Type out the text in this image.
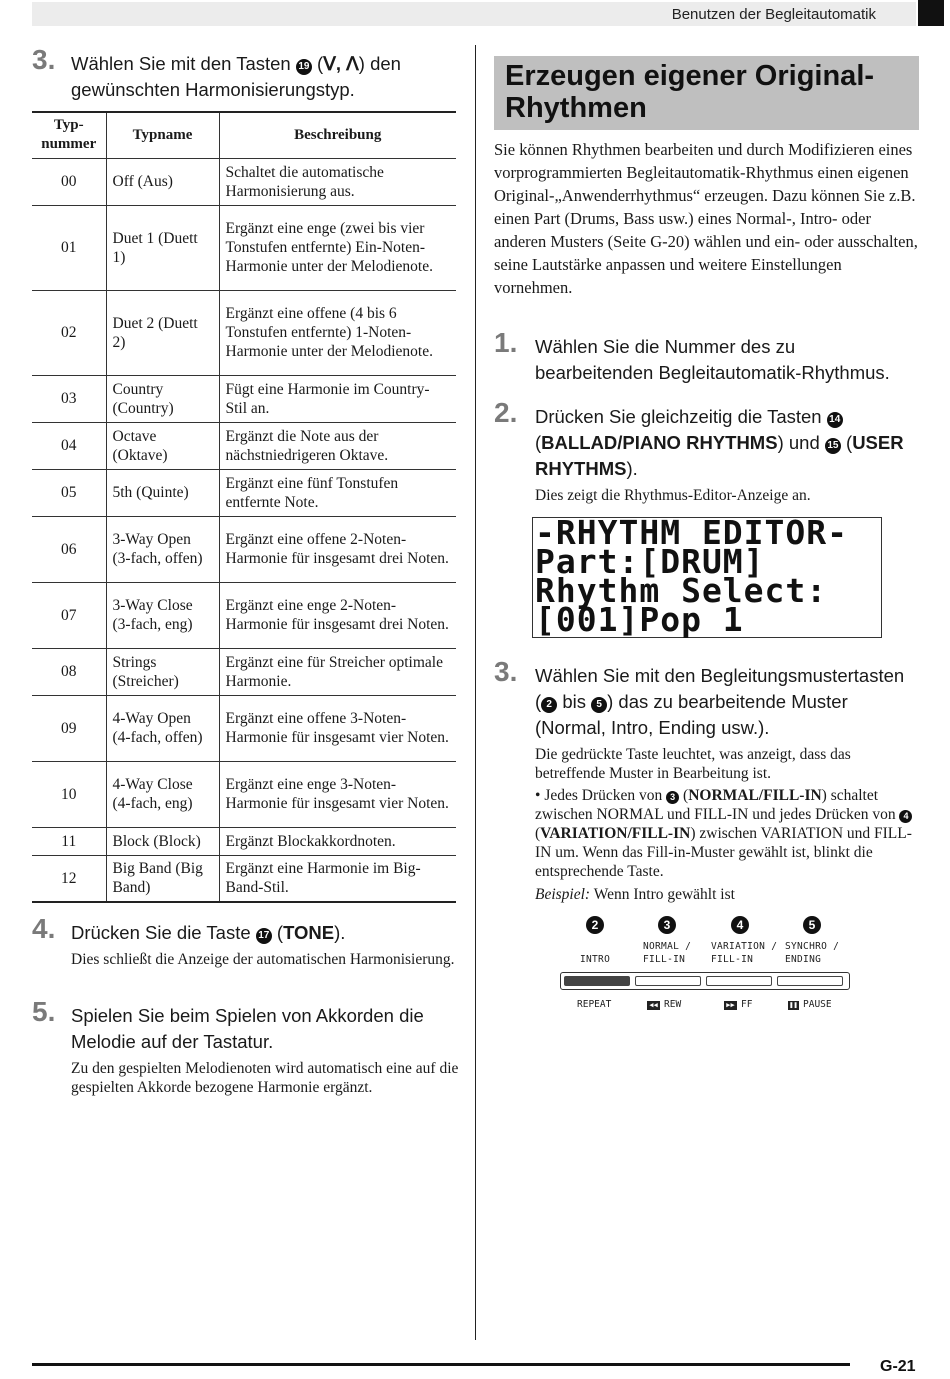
Benutzen der Begleitautomatik
3. Wählen Sie mit den Tasten 19 (ᐯ, ᐱ) den
gewünschten Harmonisierungstyp.
Typ-
nummer	Typname	Beschreibung
00	Off (Aus)	Schaltet die automatische Harmonisierung aus.
01	Duet 1 (Duett 1)	Ergänzt eine enge (zwei bis vier Tonstufen entfernte) Ein-Noten-Harmonie unter der Melodienote.
02	Duet 2 (Duett 2)	Ergänzt eine offene (4 bis 6 Tonstufen entfernte) 1-Noten-Harmonie unter der Melodienote.
03	Country (Country)	Fügt eine Harmonie im Country-Stil an.
04	Octave (Oktave)	Ergänzt die Note aus der nächstniedrigeren Oktave.
05	5th (Quinte)	Ergänzt eine fünf Tonstufen entfernte Note.
06	3-Way Open (3-fach, offen)	Ergänzt eine offene 2-Noten-Harmonie für insgesamt drei Noten.
07	3-Way Close (3-fach, eng)	Ergänzt eine enge 2-Noten-Harmonie für insgesamt drei Noten.
08	Strings (Streicher)	Ergänzt eine für Streicher optimale Harmonie.
09	4-Way Open (4-fach, offen)	Ergänzt eine offene 3-Noten-Harmonie für insgesamt vier Noten.
10	4-Way Close (4-fach, eng)	Ergänzt eine enge 3-Noten-Harmonie für insgesamt vier Noten.
11	Block (Block)	Ergänzt Blockakkordnoten.
12	Big Band (Big Band)	Ergänzt eine Harmonie im Big-Band-Stil.
4. Drücken Sie die Taste 17 (TONE).
Dies schließt die Anzeige der automatischen Harmonisierung.
5. Spielen Sie beim Spielen von Akkorden die
Melodie auf der Tastatur.
Zu den gespielten Melodienoten wird automatisch eine auf die gespielten Akkorde bezogene Harmonie ergänzt.
Erzeugen eigener Original-
Rhythmen
Sie können Rhythmen bearbeiten und durch Modifizieren eines vorprogrammierten Begleitautomatik-Rhythmus einen eigenen Original-„Anwenderrhythmus“ erzeugen. Dazu können Sie z.B. einen Part (Drums, Bass usw.) eines Normal-, Intro- oder anderen Musters (Seite G-20) wählen und ein- oder ausschalten, seine Lautstärke anpassen und weitere Einstellungen vornehmen.
1. Wählen Sie die Nummer des zu
bearbeitenden Begleitautomatik-Rhythmus.
2. Drücken Sie gleichzeitig die Tasten 14
(BALLAD/PIANO RHYTHMS) und 15 (USER
RHYTHMS).
Dies zeigt die Rhythmus-Editor-Anzeige an.
-RHYTHM EDITOR-
Part:[DRUM]
Rhythm Select:
[001]Pop 1
3. Wählen Sie mit den Begleitungsmustertasten
( 2 bis 5 ) das zu bearbeitende Muster
(Normal, Intro, Ending usw.).
Die gedrückte Taste leuchtet, was anzeigt, dass das betreffende Muster in Bearbeitung ist.
• Jedes Drücken von 3 (NORMAL/FILL-IN) schaltet zwischen NORMAL und FILL-IN und jedes Drücken von 4 (VARIATION/FILL-IN) zwischen VARIATION und FILL-IN um. Wenn das Fill-in-Muster gewählt ist, blinkt die entsprechende Taste.
Beispiel: Wenn Intro gewählt ist
2	3	4	5
INTRO
NORMAL /
FILL-IN
VARIATION /
FILL-IN
SYNCHRO /
ENDING
REPEAT	◀◀ REW	▶▶ FF	❚❚ PAUSE
G-21
